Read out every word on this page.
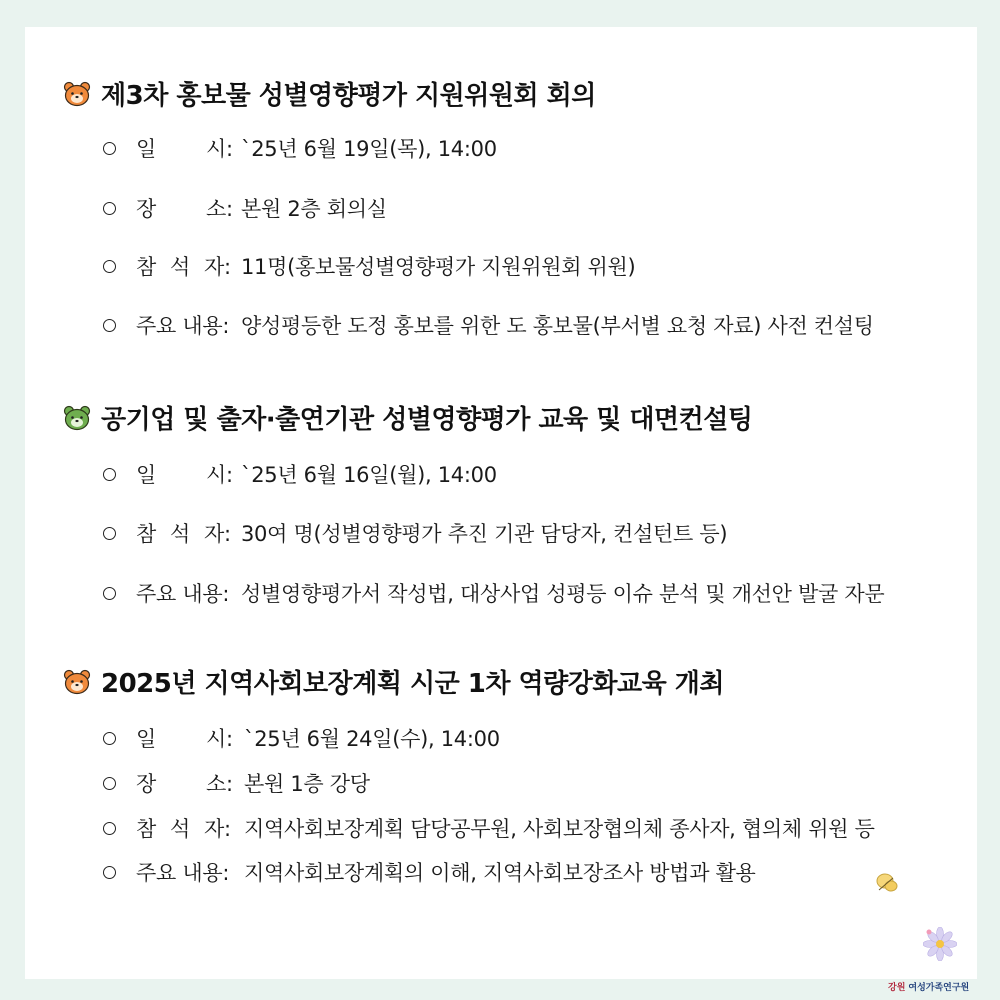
제3차 홍보물 성별영향평가 지원위원회 회의
일 시: `25년 6월 19일(목), 14:00
장 소: 본원 2층 회의실
참 석 자: 11명(홍보물성별영향평가 지원위원회 위원)
주요 내용: 양성평등한 도정 홍보를 위한 도 홍보물(부서별 요청 자료) 사전 컨설팅
공기업 및 출자·출연기관 성별영향평가 교육 및 대면컨설팅
일 시: `25년 6월 16일(월), 14:00
참 석 자: 30여 명(성별영향평가 추진 기관 담당자, 컨설턴트 등)
주요 내용: 성별영향평가서 작성법, 대상사업 성평등 이슈 분석 및 개선안 발굴 자문
2025년 지역사회보장계획 시군 1차 역량강화교육 개최
일 시: `25년 6월 24일(수), 14:00
장 소: 본원 1층 강당
참 석 자: 지역사회보장계획 담당공무원, 사회보장협의체 종사자, 협의체 위원 등
주요 내용: 지역사회보장계획의 이해, 지역사회보장조사 방법과 활용
강원 여성가족연구원
